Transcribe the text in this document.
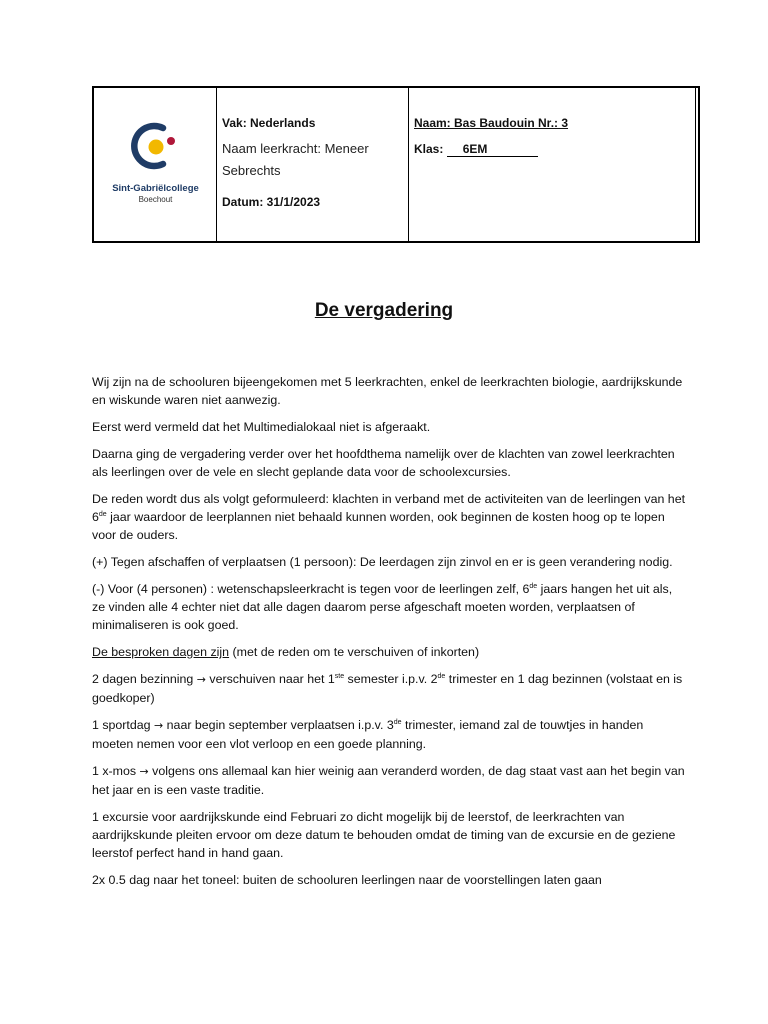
Sint-Gabriëlcollege
Boechout

Vak: Nederlands

Naam leerkracht: Meneer

Sebrechts

Datum: 31/1/2023

Naam: Bas Baudouin Nr.: 3

Klas: 6EM

De vergadering

Wij zijn na de schooluren bijeengekomen met 5 leerkrachten, enkel de leerkrachten biologie, aardrijkskunde en wiskunde waren niet aanwezig.

Eerst werd vermeld dat het Multimedialokaal niet is afgeraakt.

Daarna ging de vergadering verder over het hoofdthema namelijk over de klachten van zowel leerkrachten als leerlingen over de vele en slecht geplande data voor de schoolexcursies.

De reden wordt dus als volgt geformuleerd: klachten in verband met de activiteiten van de leerlingen van het 6de jaar waardoor de leerplannen niet behaald kunnen worden, ook beginnen de kosten hoog op te lopen voor de ouders.

(+) Tegen afschaffen of verplaatsen (1 persoon): De leerdagen zijn zinvol en er is geen verandering nodig.

(-) Voor (4 personen) : wetenschapsleerkracht is tegen voor de leerlingen zelf, 6de jaars hangen het uit als, ze vinden alle 4 echter niet dat alle dagen daarom perse afgeschaft moeten worden, verplaatsen of minimaliseren is ook goed.

De besproken dagen zijn (met de reden om te verschuiven of inkorten)

2 dagen bezinning → verschuiven naar het 1ste semester i.p.v. 2de trimester en 1 dag bezinnen (volstaat en is goedkoper)

1 sportdag → naar begin september verplaatsen i.p.v. 3de trimester, iemand zal de touwtjes in handen moeten nemen voor een vlot verloop en een goede planning.

1 x-mos → volgens ons allemaal kan hier weinig aan veranderd worden, de dag staat vast aan het begin van het jaar en is een vaste traditie.

1 excursie voor aardrijkskunde eind Februari zo dicht mogelijk bij de leerstof, de leerkrachten van aardrijkskunde pleiten ervoor om deze datum te behouden omdat de timing van de excursie en de geziene leerstof perfect hand in hand gaan.

2x 0.5 dag naar het toneel: buiten de schooluren leerlingen naar de voorstellingen laten gaan
